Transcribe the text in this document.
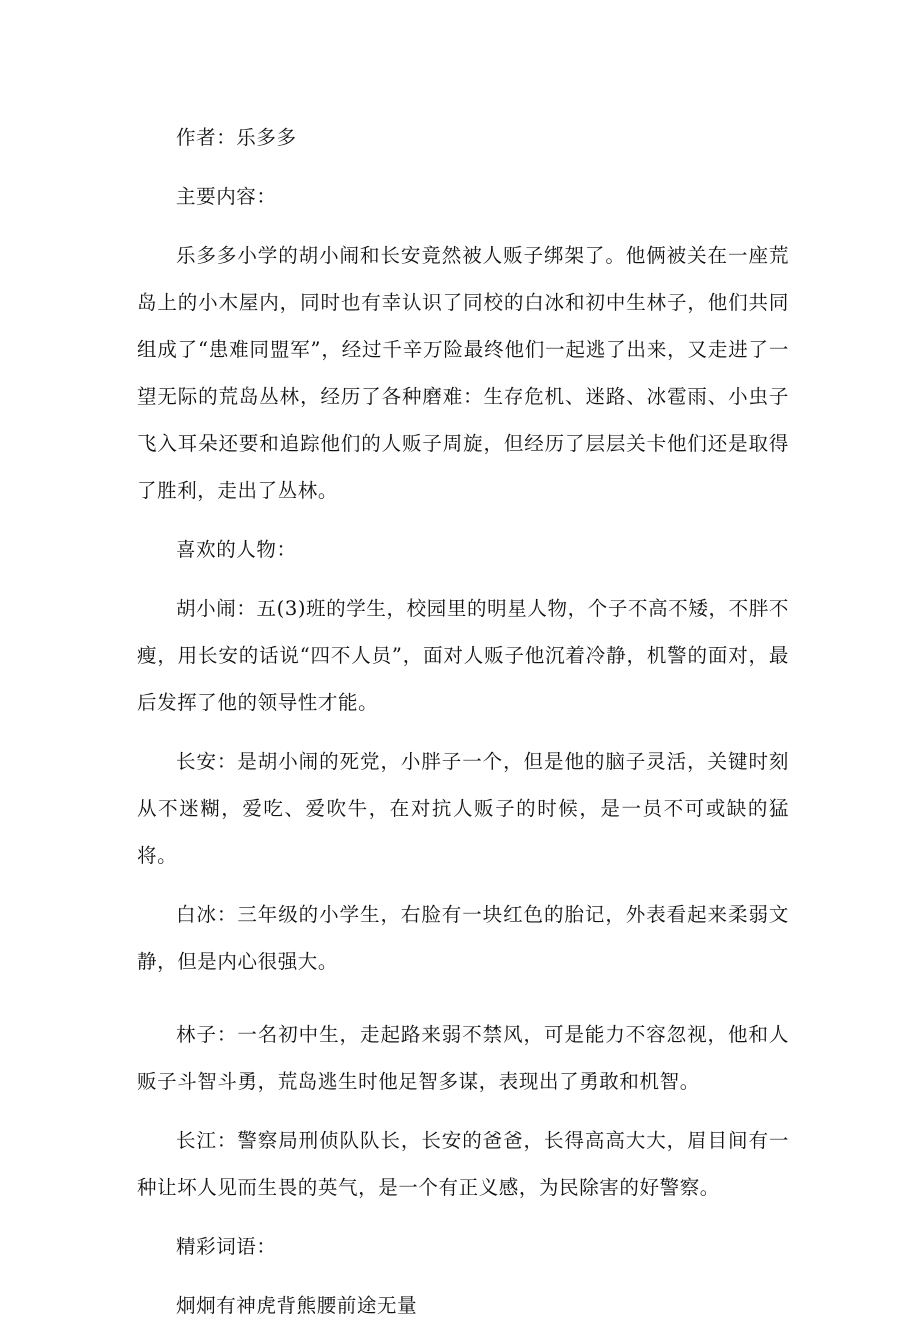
作者：乐多多

主要内容：

乐多多小学的胡小闹和长安竟然被人贩子绑架了。他俩被关在一座荒岛上的小木屋内，同时也有幸认识了同校的白冰和初中生林子，他们共同组成了“患难同盟军”，经过千辛万险最终他们一起逃了出来，又走进了一望无际的荒岛丛林，经历了各种磨难：生存危机、迷路、冰雹雨、小虫子飞入耳朵还要和追踪他们的人贩子周旋，但经历了层层关卡他们还是取得了胜利，走出了丛林。

喜欢的人物：

胡小闹：五(3)班的学生，校园里的明星人物，个子不高不矮，不胖不瘦，用长安的话说“四不人员”，面对人贩子他沉着冷静，机警的面对，最后发挥了他的领导性才能。

长安：是胡小闹的死党，小胖子一个，但是他的脑子灵活，关键时刻从不迷糊，爱吃、爱吹牛，在对抗人贩子的时候，是一员不可或缺的猛将。

白冰：三年级的小学生，右脸有一块红色的胎记，外表看起来柔弱文静，但是内心很强大。

林子：一名初中生，走起路来弱不禁风，可是能力不容忽视，他和人贩子斗智斗勇，荒岛逃生时他足智多谋，表现出了勇敢和机智。

长江：警察局刑侦队队长，长安的爸爸，长得高高大大，眉目间有一种让坏人见而生畏的英气，是一个有正义感，为民除害的好警察。

精彩词语：

炯炯有神虎背熊腰前途无量
